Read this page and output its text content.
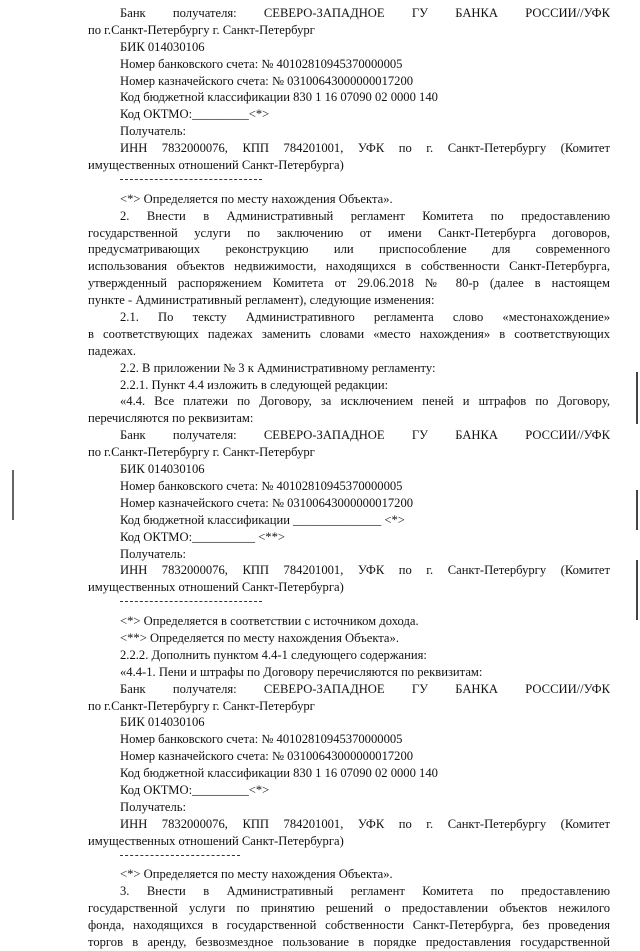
Банк получателя: СЕВЕРО-ЗАПАДНОЕ ГУ БАНКА РОССИИ//УФК
по г.Санкт-Петербургу г. Санкт-Петербург
БИК 014030106
Номер банковского счета: № 40102810945370000005
Номер казначейского счета: № 03100643000000017200
Код бюджетной классификации 830 1 16 07090 02 0000 140
Код ОКТМО:_________<*>
Получатель:
ИНН 7832000076, КПП 784201001, УФК по г. Санкт-Петербургу (Комитет
имущественных отношений Санкт-Петербурга)
<*> Определяется по месту нахождения Объекта».
2. Внести в Административный регламент Комитета по предоставлению
государственной услуги по заключению от имени Санкт-Петербурга договоров,
предусматривающих реконструкцию или приспособление для современного
использования объектов недвижимости, находящихся в собственности Санкт-Петербурга,
утвержденный распоряжением Комитета от 29.06.2018 № 80-р (далее в настоящем
пункте - Административный регламент), следующие изменения:
2.1. По тексту Административного регламента слово «местонахождение»
в соответствующих падежах заменить словами «место нахождения» в соответствующих
падежах.
2.2. В приложении № 3 к Административному регламенту:
2.2.1. Пункт 4.4 изложить в следующей редакции:
«4.4. Все платежи по Договору, за исключением пеней и штрафов по Договору,
перечисляются по реквизитам:
Банк получателя: СЕВЕРО-ЗАПАДНОЕ ГУ БАНКА РОССИИ//УФК
по г.Санкт-Петербургу г. Санкт-Петербург
БИК 014030106
Номер банковского счета: № 40102810945370000005
Номер казначейского счета: № 03100643000000017200
Код бюджетной классификации ______________ <*>
Код ОКТМО:__________ <**>
Получатель:
ИНН 7832000076, КПП 784201001, УФК по г. Санкт-Петербургу (Комитет
имущественных отношений Санкт-Петербурга)
<*> Определяется в соответствии с источником дохода.
<**> Определяется по месту нахождения Объекта».
2.2.2. Дополнить пунктом 4.4-1 следующего содержания:
«4.4-1. Пени и штрафы по Договору перечисляются по реквизитам:
Банк получателя: СЕВЕРО-ЗАПАДНОЕ ГУ БАНКА РОССИИ//УФК
по г.Санкт-Петербургу г. Санкт-Петербург
БИК 014030106
Номер банковского счета: № 40102810945370000005
Номер казначейского счета: № 03100643000000017200
Код бюджетной классификации 830 1 16 07090 02 0000 140
Код ОКТМО:_________<*>
Получатель:
ИНН 7832000076, КПП 784201001, УФК по г. Санкт-Петербургу (Комитет
имущественных отношений Санкт-Петербурга)
<*> Определяется по месту нахождения Объекта».
3. Внести в Административный регламент Комитета по предоставлению
государственной услуги по принятию решений о предоставлении объектов нежилого
фонда, находящихся в государственной собственности Санкт-Петербурга, без проведения
торгов в аренду, безвозмездное пользование в порядке предоставления государственной
